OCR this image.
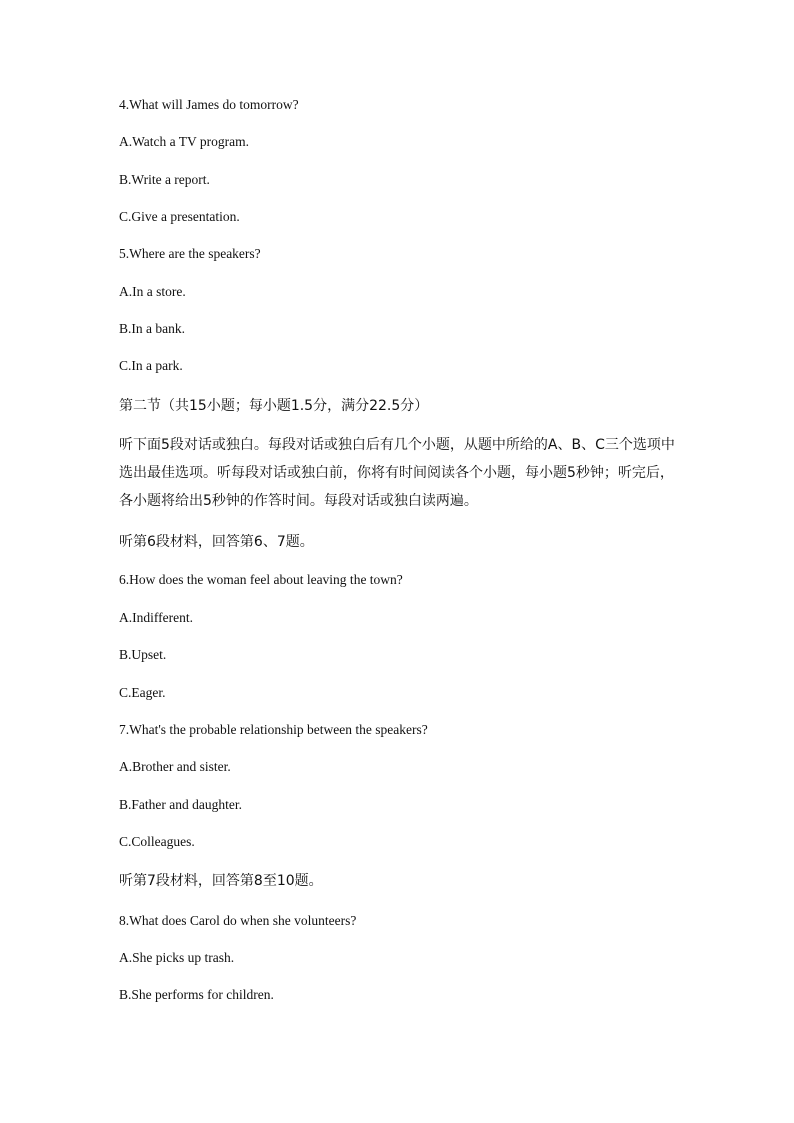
4.What will James do tomorrow?
A.Watch a TV program.
B.Write a report.
C.Give a presentation.
5.Where are the speakers?
A.In a store.
B.In a bank.
C.In a park.
第二节（共15小题；每小题1.5分，满分22.5分）
听下面5段对话或独白。每段对话或独白后有几个小题，从题中所给的A、B、C三个选项中
选出最佳选项。听每段对话或独白前，你将有时间阅读各个小题，每小题5秒钟；听完后，
各小题将给出5秒钟的作答时间。每段对话或独白读两遍。
听第6段材料，回答第6、7题。
6.How does the woman feel about leaving the town?
A.Indifferent.
B.Upset.
C.Eager.
7.What's the probable relationship between the speakers?
A.Brother and sister.
B.Father and daughter.
C.Colleagues.
听第7段材料，回答第8至10题。
8.What does Carol do when she volunteers?
A.She picks up trash.
B.She performs for children.
